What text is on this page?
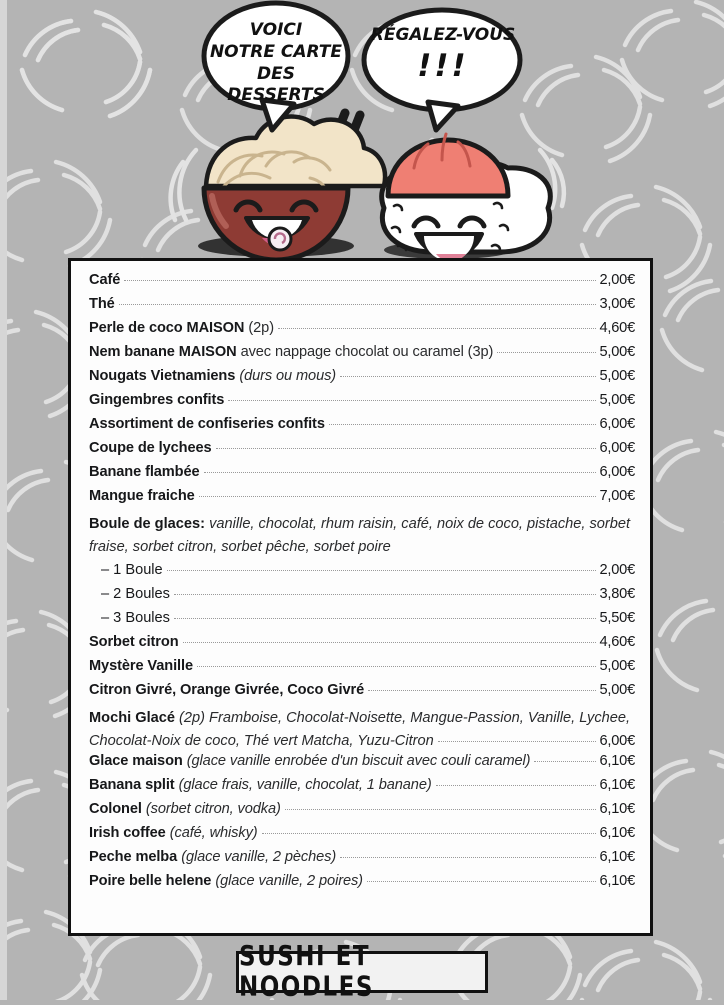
VOICI
NOTRE CARTE
DES DESSERTS
RÉGALEZ-VOUS
!!!
Café	2,00€
Thé	3,00€
Perle de coco MAISON (2p)	4,60€
Nem banane MAISON avec nappage chocolat ou caramel (3p)	5,00€
Nougats Vietnamiens (durs ou mous)	5,00€
Gingembres confits	5,00€
Assortiment de confiseries confits	6,00€
Coupe de lychees	6,00€
Banane flambée	6,00€
Mangue fraiche	7,00€
Boule de glaces: vanille, chocolat, rhum raisin, café, noix de coco, pistache, sorbet
fraise, sorbet citron, sorbet pêche, sorbet poire
– 1 Boule	2,00€
– 2 Boules	3,80€
– 3 Boules	5,50€
Sorbet citron	4,60€
Mystère Vanille	5,00€
Citron Givré, Orange Givrée, Coco Givré	5,00€
Mochi Glacé (2p) Framboise, Chocolat-Noisette, Mangue-Passion, Vanille, Lychee,
Chocolat-Noix de coco, Thé vert Matcha, Yuzu-Citron	6,00€
Glace maison (glace vanille enrobée d'un biscuit avec couli caramel)	6,10€
Banana split (glace frais, vanille, chocolat, 1 banane)	6,10€
Colonel (sorbet citron, vodka)	6,10€
Irish coffee (café, whisky)	6,10€
Peche melba (glace vanille, 2 pèches)	6,10€
Poire belle helene (glace vanille, 2 poires)	6,10€
SUSHI ET NOODLES
